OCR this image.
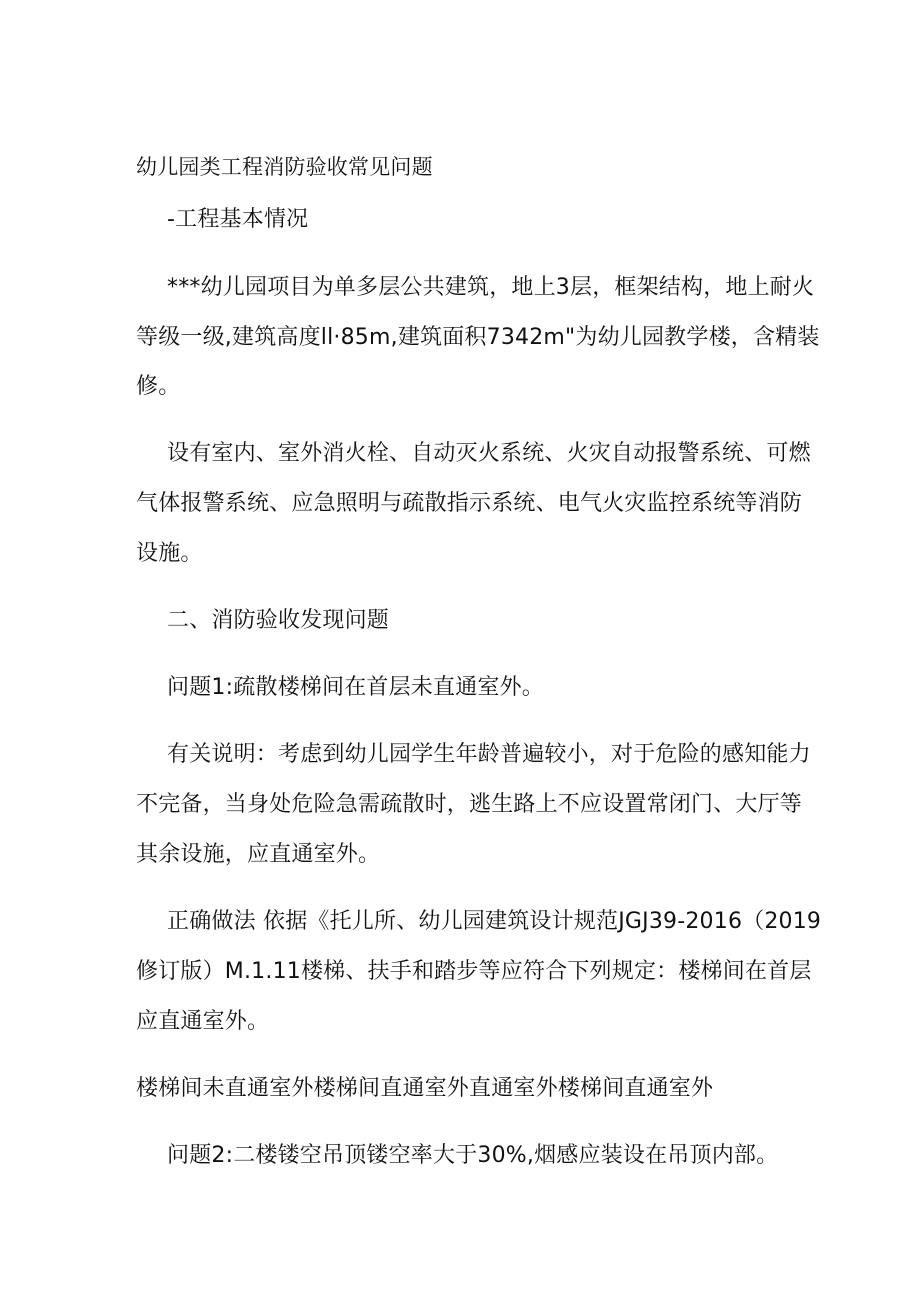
幼儿园类工程消防验收常见问题
-工程基本情况
***幼儿园项目为单多层公共建筑，地上3层，框架结构，地上耐火
等级一级,建筑高度ll·85m,建筑面积7342m"为幼儿园教学楼，含精装
修。
设有室内、室外消火栓、自动灭火系统、火灾自动报警系统、可燃
气体报警系统、应急照明与疏散指示系统、电气火灾监控系统等消防
设施。
二、消防验收发现问题
问题1:疏散楼梯间在首层未直通室外。
有关说明：考虑到幼儿园学生年龄普遍较小，对于危险的感知能力
不完备，当身处危险急需疏散时，逃生路上不应设置常闭门、大厅等
其余设施，应直通室外。
正确做法 依据《托儿所、幼儿园建筑设计规范JGJ39-2016（2019
修订版）M.1.11楼梯、扶手和踏步等应符合下列规定：楼梯间在首层
应直通室外。
楼梯间未直通室外楼梯间直通室外直通室外楼梯间直通室外
问题2:二楼镂空吊顶镂空率大于30%,烟感应装设在吊顶内部。
